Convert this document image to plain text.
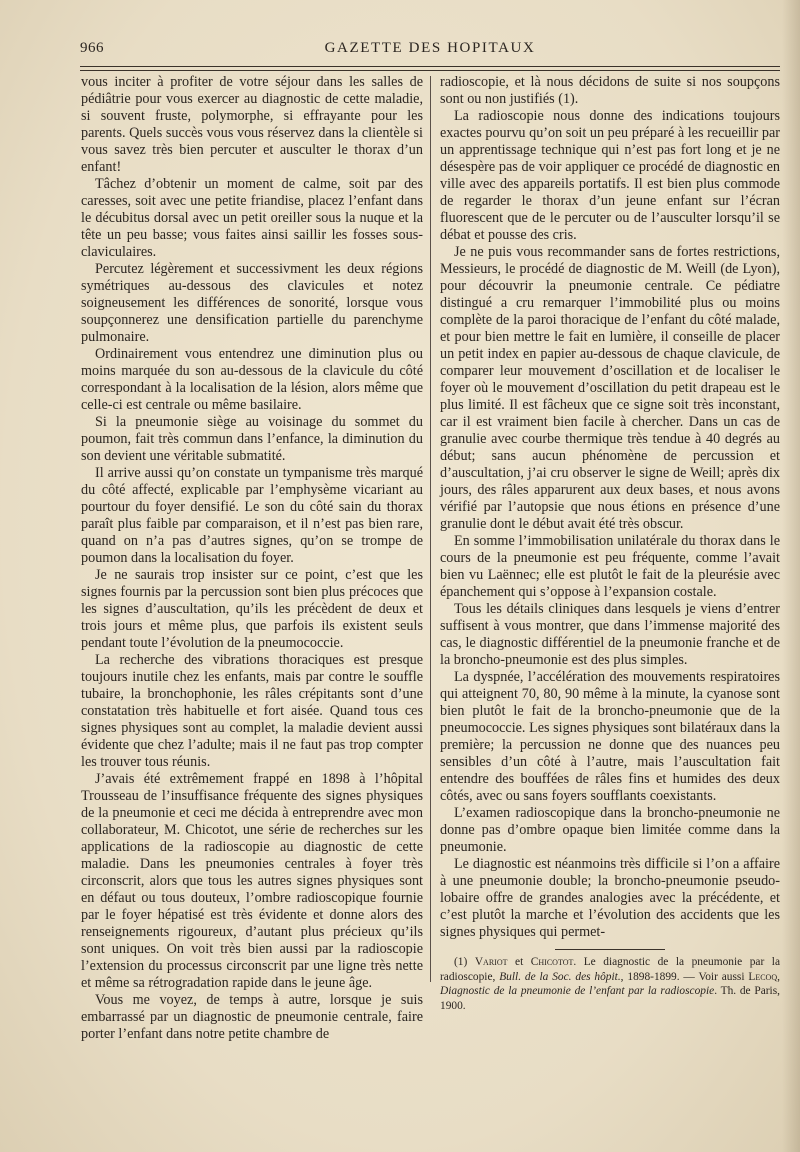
966	GAZETTE DES HOPITAUX

vous inciter à profiter de votre séjour dans les salles de pédiâtrie pour vous exercer au diagnostic de cette maladie, si souvent fruste, polymorphe, si effrayante pour les parents. Quels succès vous vous réservez dans la clientèle si vous savez très bien percuter et ausculter le thorax d’un enfant!

Tâchez d’obtenir un moment de calme, soit par des caresses, soit avec une petite friandise, placez l’enfant dans le décubitus dorsal avec un petit oreiller sous la nuque et la tête un peu basse; vous faites ainsi saillir les fosses sous-claviculaires.

Percutez légèrement et successivment les deux régions symétriques au-dessous des clavicules et notez soigneusement les différences de sonorité, lorsque vous soupçonnerez une densification partielle du parenchyme pulmonaire.

Ordinairement vous entendrez une diminution plus ou moins marquée du son au-dessous de la clavicule du côté correspondant à la localisation de la lésion, alors même que celle-ci est centrale ou même basilaire.

Si la pneumonie siège au voisinage du sommet du poumon, fait très commun dans l’enfance, la diminution du son devient une véritable submatité.

Il arrive aussi qu’on constate un tympanisme très marqué du côté affecté, explicable par l’emphysème vicariant au pourtour du foyer densifié. Le son du côté sain du thorax paraît plus faible par comparaison, et il n’est pas bien rare, quand on n’a pas d’autres signes, qu’on se trompe de poumon dans la localisation du foyer.

Je ne saurais trop insister sur ce point, c’est que les signes fournis par la percussion sont bien plus précoces que les signes d’auscultation, qu’ils les précèdent de deux et trois jours et même plus, que parfois ils existent seuls pendant toute l’évolution de la pneumococcie.

La recherche des vibrations thoraciques est presque toujours inutile chez les enfants, mais par contre le souffle tubaire, la bronchophonie, les râles crépitants sont d’une constatation très habituelle et fort aisée. Quand tous ces signes physiques sont au complet, la maladie devient aussi évidente que chez l’adulte; mais il ne faut pas trop compter les trouver tous réunis.

J’avais été extrêmement frappé en 1898 à l’hôpital Trousseau de l’insuffisance fréquente des signes physiques de la pneumonie et ceci me décida à entreprendre avec mon collaborateur, M. Chicotot, une série de recherches sur les applications de la radioscopie au diagnostic de cette maladie. Dans les pneumonies centrales à foyer très circonscrit, alors que tous les autres signes physiques sont en défaut ou tous douteux, l’ombre radioscopique fournie par le foyer hépatisé est très évidente et donne alors des renseignements rigoureux, d’autant plus précieux qu’ils sont uniques. On voit très bien aussi par la radioscopie l’extension du processus circonscrit par une ligne très nette et même sa rétrogradation rapide dans le jeune âge.

Vous me voyez, de temps à autre, lorsque je suis embarrassé par un diagnostic de pneumonie centrale, faire porter l’enfant dans notre petite chambre de

radioscopie, et là nous décidons de suite si nos soupçons sont ou non justifiés (1).

La radioscopie nous donne des indications toujours exactes pourvu qu’on soit un peu préparé à les recueillir par un apprentissage technique qui n’est pas fort long et je ne désespère pas de voir appliquer ce procédé de diagnostic en ville avec des appareils portatifs. Il est bien plus commode de regarder le thorax d’un jeune enfant sur l’écran fluorescent que de le percuter ou de l’ausculter lorsqu’il se débat et pousse des cris.

Je ne puis vous recommander sans de fortes restrictions, Messieurs, le procédé de diagnostic de M. Weill (de Lyon), pour découvrir la pneumonie centrale. Ce pédiatre distingué a cru remarquer l’immobilité plus ou moins complète de la paroi thoracique de l’enfant du côté malade, et pour bien mettre le fait en lumière, il conseille de placer un petit index en papier au-dessous de chaque clavicule, de comparer leur mouvement d’oscillation et de localiser le foyer où le mouvement d’oscillation du petit drapeau est le plus limité. Il est fâcheux que ce signe soit très inconstant, car il est vraiment bien facile à chercher. Dans un cas de granulie avec courbe thermique très tendue à 40 degrés au début; sans aucun phénomène de percussion et d’auscultation, j’ai cru observer le signe de Weill; après dix jours, des râles apparurent aux deux bases, et nous avons vérifié par l’autopsie que nous étions en présence d’une granulie dont le début avait été très obscur.

En somme l’immobilisation unilatérale du thorax dans le cours de la pneumonie est peu fréquente, comme l’avait bien vu Laënnec; elle est plutôt le fait de la pleurésie avec épanchement qui s’oppose à l’expansion costale.

Tous les détails cliniques dans lesquels je viens d’entrer suffisent à vous montrer, que dans l’immense majorité des cas, le diagnostic différentiel de la pneumonie franche et de la broncho-pneumonie est des plus simples.

La dyspnée, l’accélération des mouvements respiratoires qui atteignent 70, 80, 90 même à la minute, la cyanose sont bien plutôt le fait de la broncho-pneumonie que de la pneumococcie. Les signes physiques sont bilatéraux dans la première; la percussion ne donne que des nuances peu sensibles d’un côté à l’autre, mais l’auscultation fait entendre des bouffées de râles fins et humides des deux côtés, avec ou sans foyers soufflants coexistants.

L’examen radioscopique dans la broncho-pneumonie ne donne pas d’ombre opaque bien limitée comme dans la pneumonie.

Le diagnostic est néanmoins très difficile si l’on a affaire à une pneumonie double; la broncho-pneumonie pseudo-lobaire offre de grandes analogies avec la précédente, et c’est plutôt la marche et l’évolution des accidents que les signes physiques qui permet-

(1) Variot et Chicotot. Le diagnostic de la pneumonie par la radioscopie, Bull. de la Soc. des hôpit., 1898-1899. — Voir aussi Lecoq, Diagnostic de la pneumonie de l’enfant par la radioscopie. Th. de Paris, 1900.
